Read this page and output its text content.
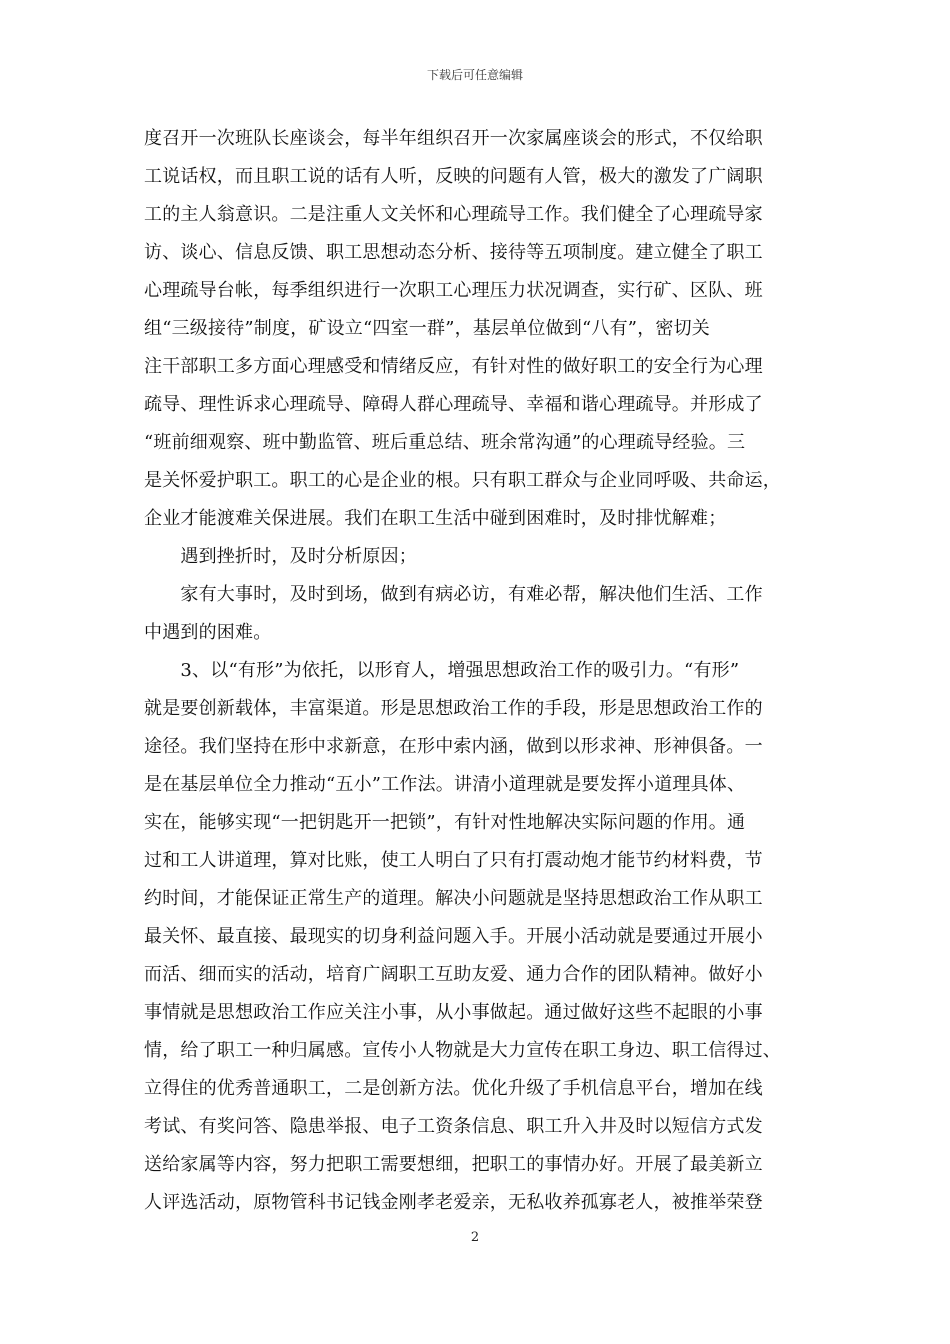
下载后可任意编辑
度召开一次班队长座谈会，每半年组织召开一次家属座谈会的形式，不仅给职
工说话权，而且职工说的话有人听，反映的问题有人管，极大的激发了广阔职
工的主人翁意识。二是注重人文关怀和心理疏导工作。我们健全了心理疏导家
访、谈心、信息反馈、职工思想动态分析、接待等五项制度。建立健全了职工
心理疏导台帐，每季组织进行一次职工心理压力状况调查，实行矿、区队、班
组“三级接待”制度，矿设立“四室一群”，基层单位做到“八有”，密切关
注干部职工多方面心理感受和情绪反应，有针对性的做好职工的安全行为心理
疏导、理性诉求心理疏导、障碍人群心理疏导、幸福和谐心理疏导。并形成了
“班前细观察、班中勤监管、班后重总结、班余常沟通”的心理疏导经验。三
是关怀爱护职工。职工的心是企业的根。只有职工群众与企业同呼吸、共命运，
企业才能渡难关保进展。我们在职工生活中碰到困难时，及时排忧解难；
　　遇到挫折时，及时分析原因；
　　家有大事时，及时到场，做到有病必访，有难必帮，解决他们生活、工作
中遇到的困难。
　　3、以“有形”为依托，以形育人，增强思想政治工作的吸引力。“有形”
就是要创新载体，丰富渠道。形是思想政治工作的手段，形是思想政治工作的
途径。我们坚持在形中求新意，在形中索内涵，做到以形求神、形神俱备。一
是在基层单位全力推动“五小”工作法。讲清小道理就是要发挥小道理具体、
实在，能够实现“一把钥匙开一把锁”，有针对性地解决实际问题的作用。通
过和工人讲道理，算对比账，使工人明白了只有打震动炮才能节约材料费，节
约时间，才能保证正常生产的道理。解决小问题就是坚持思想政治工作从职工
最关怀、最直接、最现实的切身利益问题入手。开展小活动就是要通过开展小
而活、细而实的活动，培育广阔职工互助友爱、通力合作的团队精神。做好小
事情就是思想政治工作应关注小事，从小事做起。通过做好这些不起眼的小事
情，给了职工一种归属感。宣传小人物就是大力宣传在职工身边、职工信得过、
立得住的优秀普通职工，二是创新方法。优化升级了手机信息平台，增加在线
考试、有奖问答、隐患举报、电子工资条信息、职工升入井及时以短信方式发
送给家属等内容，努力把职工需要想细，把职工的事情办好。开展了最美新立
人评选活动，原物管科书记钱金刚孝老爱亲，无私收养孤寡老人，被推举荣登
2
